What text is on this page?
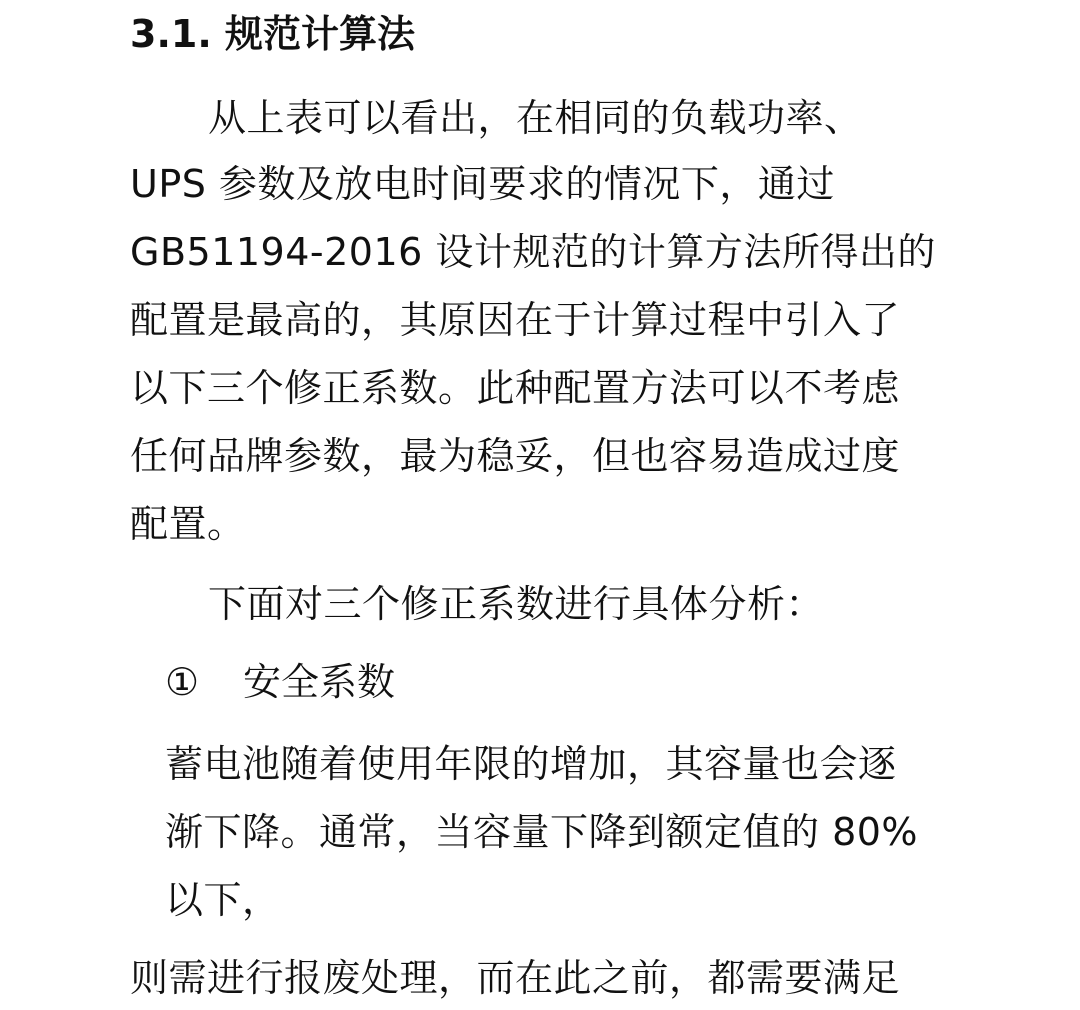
3.1. 规范计算法
从上表可以看出，在相同的负载功率、
UPS 参数及放电时间要求的情况下，通过
GB51194-2016 设计规范的计算方法所得出的
配置是最高的，其原因在于计算过程中引入了
以下三个修正系数。此种配置方法可以不考虑
任何品牌参数，最为稳妥，但也容易造成过度
配置。
下面对三个修正系数进行具体分析：
① 安全系数
蓄电池随着使用年限的增加，其容量也会逐
渐下降。通常，当容量下降到额定值的 80%
以下，
则需进行报废处理，而在此之前，都需要满足
